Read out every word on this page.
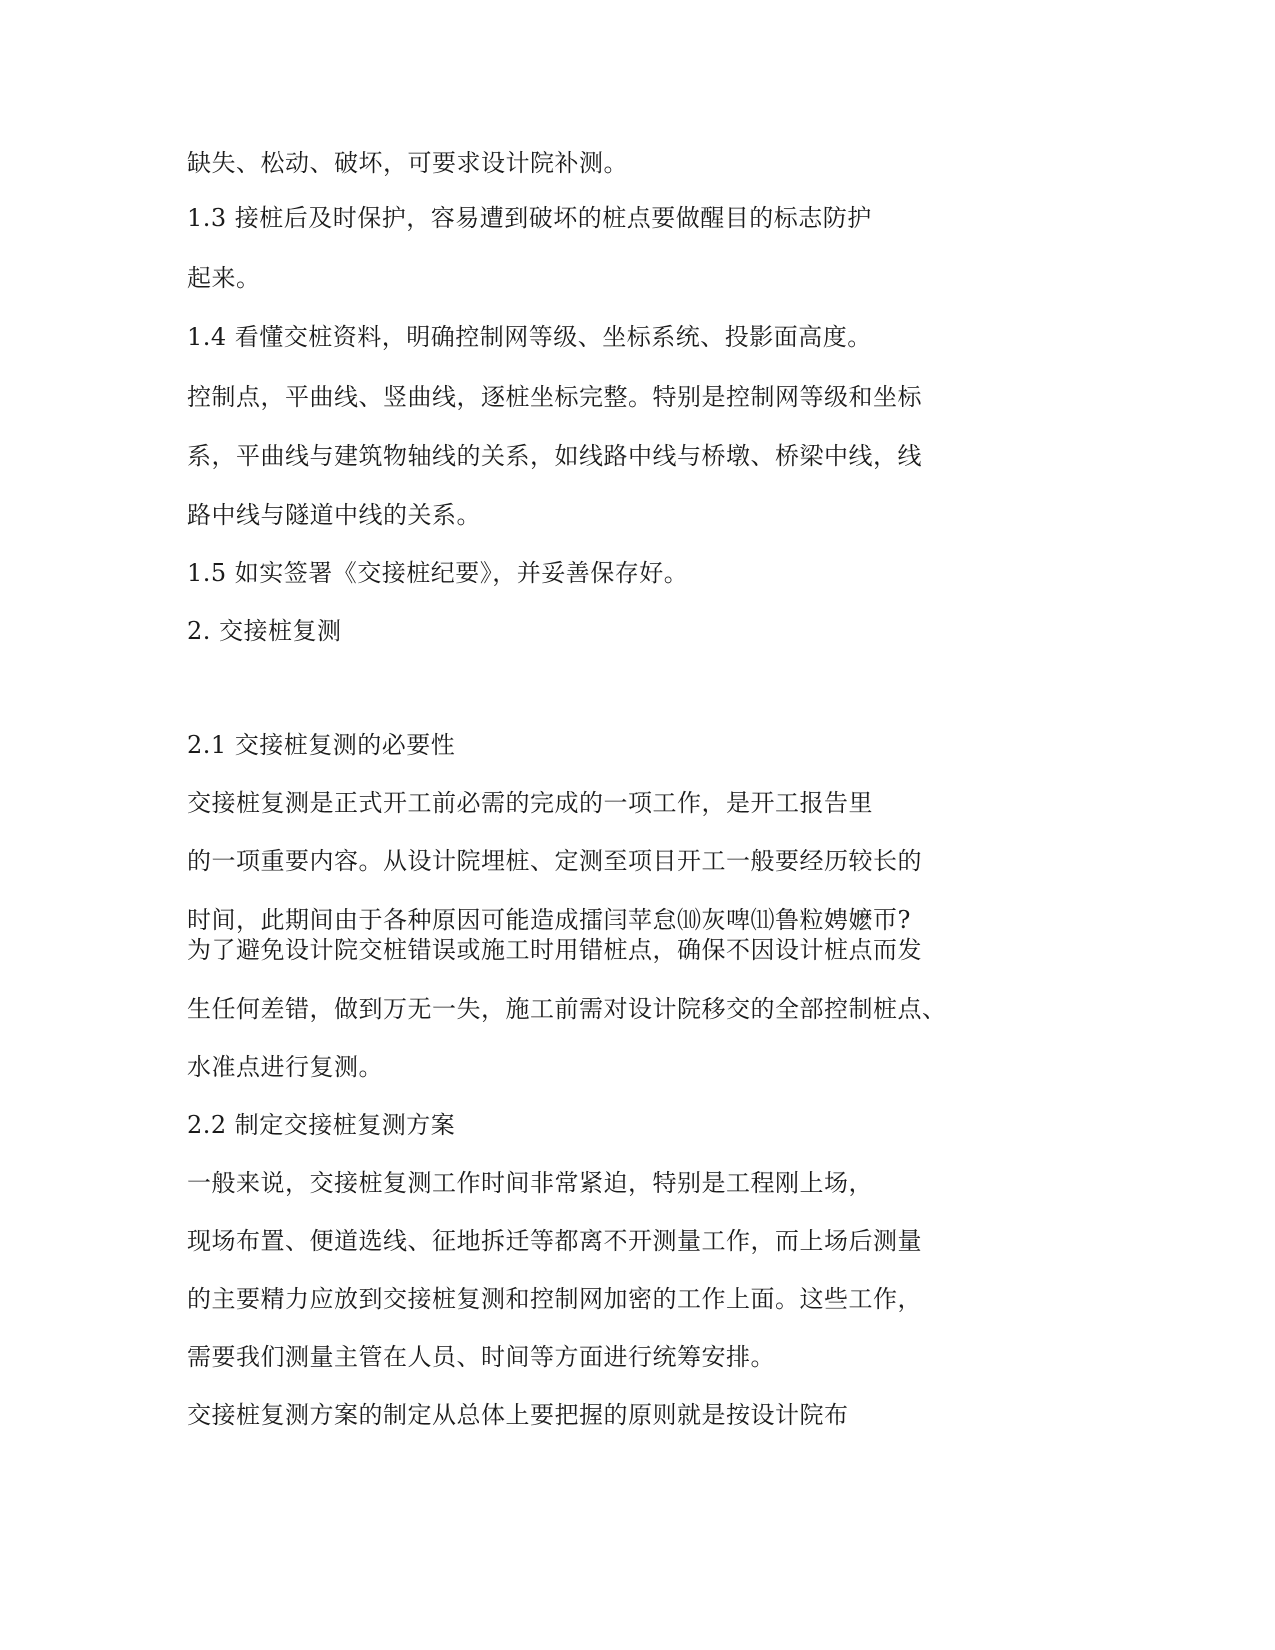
缺失、松动、破坏，可要求设计院补测。

1.3 接桩后及时保护，容易遭到破坏的桩点要做醒目的标志防护

起来。

1.4 看懂交桩资料，明确控制网等级、坐标系统、投影面高度。

控制点，平曲线、竖曲线，逐桩坐标完整。特别是控制网等级和坐标

系，平曲线与建筑物轴线的关系，如线路中线与桥墩、桥梁中线，线

路中线与隧道中线的关系。

1.5 如实签署《交接桩纪要》，并妥善保存好。

2. 交接桩复测

2.1 交接桩复测的必要性

交接桩复测是正式开工前必需的完成的一项工作，是开工报告里

的一项重要内容。从设计院埋桩、定测至项目开工一般要经历较长的

时间，此期间由于各种原因可能造成擂闫苹怠⑽灰啤⑾鲁粒娉嬷帀?

为了避免设计院交桩错误或施工时用错桩点，确保不因设计桩点而发

生任何差错，做到万无一失，施工前需对设计院移交的全部控制桩点、

水准点进行复测。

2.2 制定交接桩复测方案

一般来说，交接桩复测工作时间非常紧迫，特别是工程刚上场，

现场布置、便道选线、征地拆迁等都离不开测量工作，而上场后测量

的主要精力应放到交接桩复测和控制网加密的工作上面。这些工作，

需要我们测量主管在人员、时间等方面进行统筹安排。

交接桩复测方案的制定从总体上要把握的原则就是按设计院布
